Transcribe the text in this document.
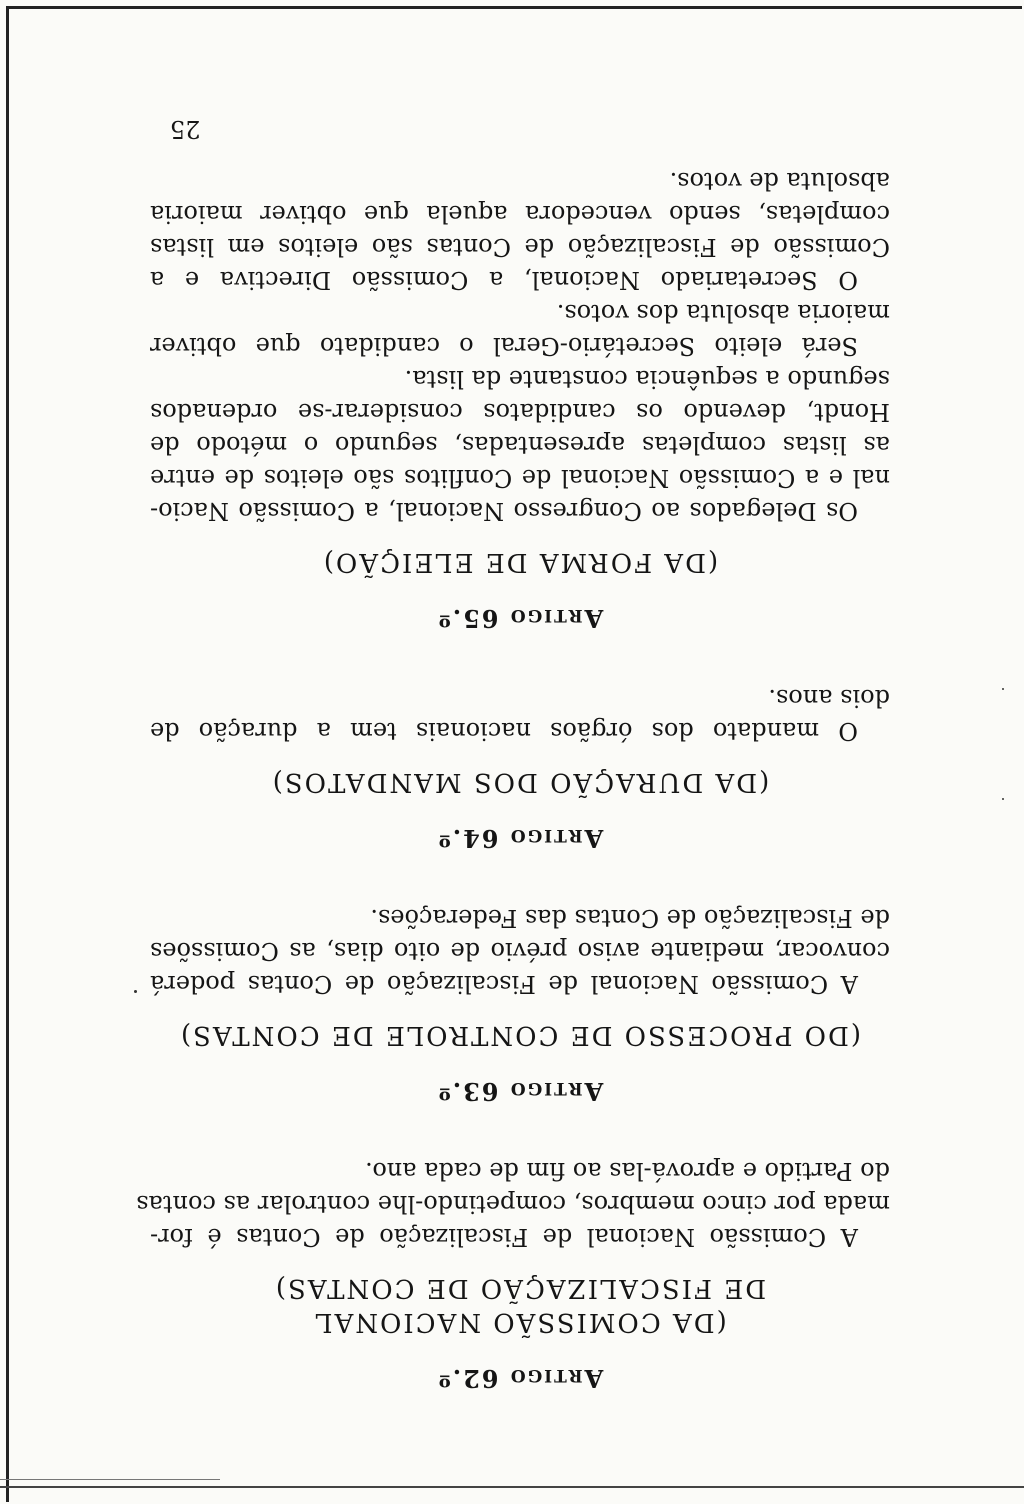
Artigo 62.º
(DA COMISSÃO NACIONAL
DE FISCALIZAÇÃO DE CONTAS)

A Comissão Nacional de Fiscalização de Contas é for-
mada por cinco membros, competindo-lhe controlar as contas
do Partido e aprová-las ao fim de cada ano.

Artigo 63.º
(DO PROCESSO DE CONTROLE DE CONTAS)

A Comissão Nacional de Fiscalização de Contas poderá
convocar, mediante aviso prévio de oito dias, as Comissões
de Fiscalização de Contas das Federações.

Artigo 64.º
(DA DURAÇÃO DOS MANDATOS)

O mandato dos órgãos nacionais tem a duração de
dois anos.

Artigo 65.º
(DA FORMA DE ELEIÇÃO)

Os Delegados ao Congresso Nacional, a Comissão Nacio-
nal e a Comissão Nacional de Conflitos são eleitos de entre
as listas completas apresentadas, segundo o método de
Hondt, devendo os candidatos considerar-se ordenados
segundo a sequência constante da lista.

Será eleito Secretário-Geral o candidato que obtiver
maioria absoluta dos votos.

O Secretariado Nacional, a Comissão Directiva e a
Comissão de Fiscalização de Contas são eleitos em listas
completas, sendo vencedora aquela que obtiver maioria
absoluta de votos.

25
